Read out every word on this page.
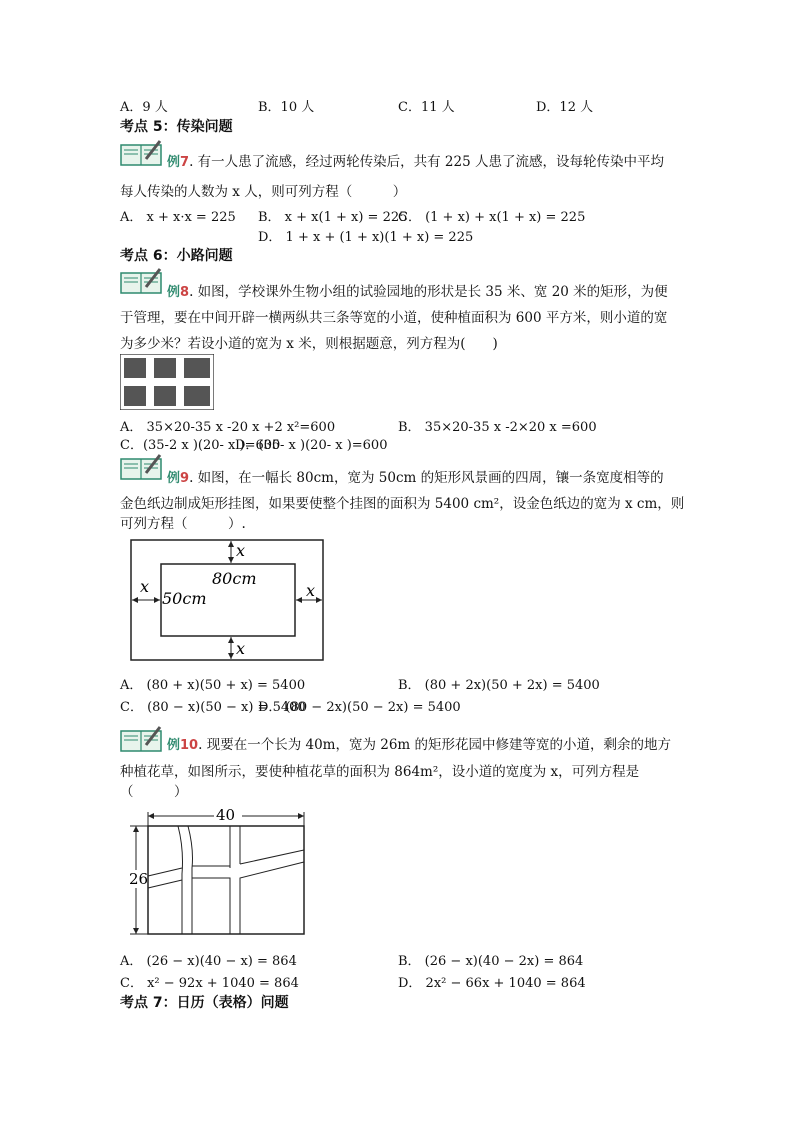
A．9 人	B．10 人	C．11 人	D．12 人
考点 5：传染问题
例7. 有一人患了流感，经过两轮传染后，共有 225 人患了流感，设每轮传染中平均
每人传染的人数为 x 人，则可列方程（　　　）
A． x + x·x = 225 B． x + x(1 + x) = 225
C． (1 + x) + x(1 + x) = 225
D． 1 + x + (1 + x)(1 + x) = 225
考点 6：小路问题
例8. 如图，学校课外生物小组的试验园地的形状是长 35 米、宽 20 米的矩形，为便
于管理，要在中间开辟一横两纵共三条等宽的小道，使种植面积为 600 平方米，则小道的宽
为多少米？若设小道的宽为 x 米，则根据题意，列方程为(　　)
A． 35×20-35 x -20 x +2 x²=600	B． 35×20-35 x -2×20 x =600
C．(35-2 x )(20- x )=600
D．(35- x )(20- x )=600
例9. 如图，在一幅长 80cm，宽为 50cm 的矩形风景画的四周，镶一条宽度相等的
金色纸边制成矩形挂图，如果要使整个挂图的面积为 5400 cm²，设金色纸边的宽为 x cm，则
可列方程（　　　）.
x
x
x	x
80cm
50cm
A． (80 + x)(50 + x) = 5400	B． (80 + 2x)(50 + 2x) = 5400
C． (80 − x)(50 − x) = 5400
D． (80 − 2x)(50 − 2x) = 5400
例10. 现要在一个长为 40m，宽为 26m 的矩形花园中修建等宽的小道，剩余的地方
种植花草，如图所示，要使种植花草的面积为 864m²，设小道的宽度为 x，可列方程是
（　　　）
40
26
A． (26 − x)(40 − x) = 864	B． (26 − x)(40 − 2x) = 864
C． x² − 92x + 1040 = 864	D． 2x² − 66x + 1040 = 864
考点 7：日历（表格）问题
